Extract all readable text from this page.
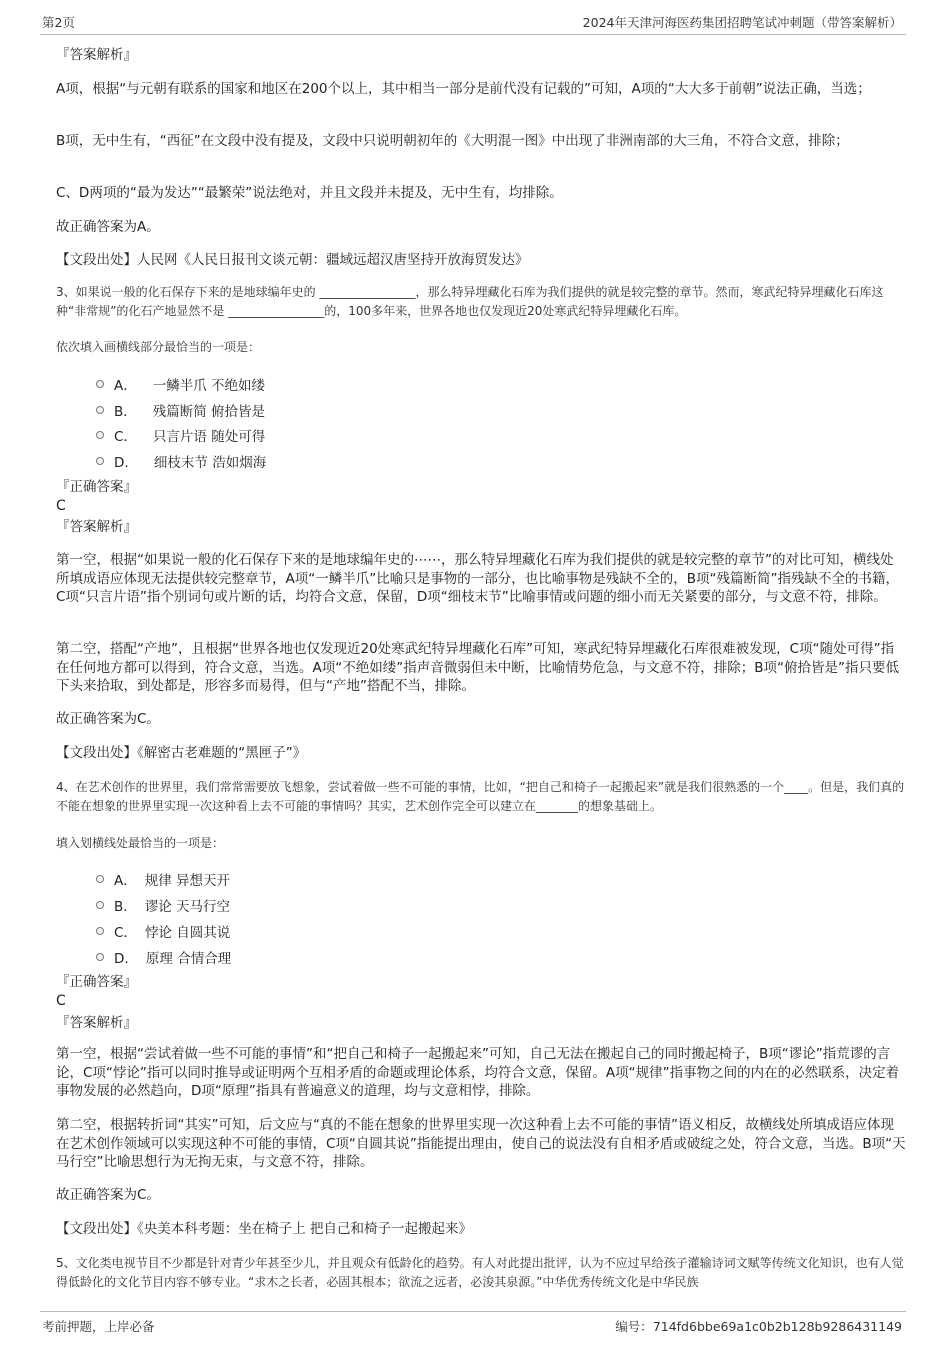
第2页	2024年天津河海医药集团招聘笔试冲刺题（带答案解析）
『答案解析』

A项，根据“与元朝有联系的国家和地区在200个以上，其中相当一部分是前代没有记载的”可知，A项的“大大多于前朝”说法正确，当选；

B项，无中生有，“西征”在文段中没有提及，文段中只说明朝初年的《大明混一图》中出现了非洲南部的大三角，不符合文意，排除；

C、D两项的“最为发达”“最繁荣”说法绝对，并且文段并未提及，无中生有，均排除。

故正确答案为A。
【文段出处】人民网《人民日报刊文谈元朝：疆域远超汉唐坚持开放海贸发达》

3、如果说一般的化石保存下来的是地球编年史的 ________________，那么特异埋藏化石库为我们提供的就是较完整的章节。然而，寒武纪特异埋藏化石库这种“非常规”的化石产地显然不是 ________________的，100多年来，世界各地也仅发现近20处寒武纪特异埋藏化石库。

依次填入画横线部分最恰当的一项是：
A． 一鳞半爪 不绝如缕
B． 残篇断简 俯拾皆是
C． 只言片语 随处可得
D． 细枝末节 浩如烟海
『正确答案』
C
『答案解析』

第一空，根据“如果说一般的化石保存下来的是地球编年史的⋯⋯，那么特异埋藏化石库为我们提供的就是较完整的章节”的对比可知，横线处所填成语应体现无法提供较完整章节，A项“一鳞半爪”比喻只是事物的一部分，也比喻事物是残缺不全的，B项“残篇断简”指残缺不全的书籍，C项“只言片语”指个别词句或片断的话，均符合文意，保留，D项“细枝末节”比喻事情或问题的细小而无关紧要的部分，与文意不符，排除。

第二空，搭配“产地”，且根据“世界各地也仅发现近20处寒武纪特异埋藏化石库”可知，寒武纪特异埋藏化石库很难被发现，C项“随处可得”指在任何地方都可以得到，符合文意，当选。A项“不绝如缕”指声音微弱但未中断，比喻情势危急，与文意不符，排除；B项“俯拾皆是”指只要低下头来拾取，到处都是，形容多而易得，但与“产地”搭配不当，排除。

故正确答案为C。
【文段出处】《解密古老难题的“黑匣子”》

4、在艺术创作的世界里，我们常常需要放飞想象，尝试着做一些不可能的事情，比如，“把自己和椅子一起搬起来”就是我们很熟悉的一个____。但是，我们真的不能在想象的世界里实现一次这种看上去不可能的事情吗？其实，艺术创作完全可以建立在_______的想象基础上。

填入划横线处最恰当的一项是：
A． 规律 异想天开
B． 谬论 天马行空
C． 悖论 自圆其说
D． 原理 合情合理
『正确答案』
C
『答案解析』

第一空，根据“尝试着做一些不可能的事情”和“把自己和椅子一起搬起来”可知，自己无法在搬起自己的同时搬起椅子，B项“谬论”指荒谬的言论，C项“悖论”指可以同时推导或证明两个互相矛盾的命题或理论体系，均符合文意，保留。A项“规律”指事物之间的内在的必然联系，决定着事物发展的必然趋向，D项“原理”指具有普遍意义的道理，均与文意相悖，排除。

第二空，根据转折词“其实”可知，后文应与“真的不能在想象的世界里实现一次这种看上去不可能的事情”语义相反，故横线处所填成语应体现在艺术创作领域可以实现这种不可能的事情，C项“自圆其说”指能提出理由，使自己的说法没有自相矛盾或破绽之处，符合文意，当选。B项“天马行空”比喻思想行为无拘无束，与文意不符，排除。

故正确答案为C。
【文段出处】《央美本科考题：坐在椅子上 把自己和椅子一起搬起来》

5、文化类电视节目不少都是针对青少年甚至少儿，并且观众有低龄化的趋势。有人对此提出批评，认为不应过早给孩子灌输诗词文赋等传统文化知识，也有人觉得低龄化的文化节目内容不够专业。“求木之长者，必固其根本；欲流之远者，必浚其泉源。”中华优秀传统文化是中华民族

考前押题，上岸必备	编号：714fd6bbe69a1c0b2b128b9286431149
